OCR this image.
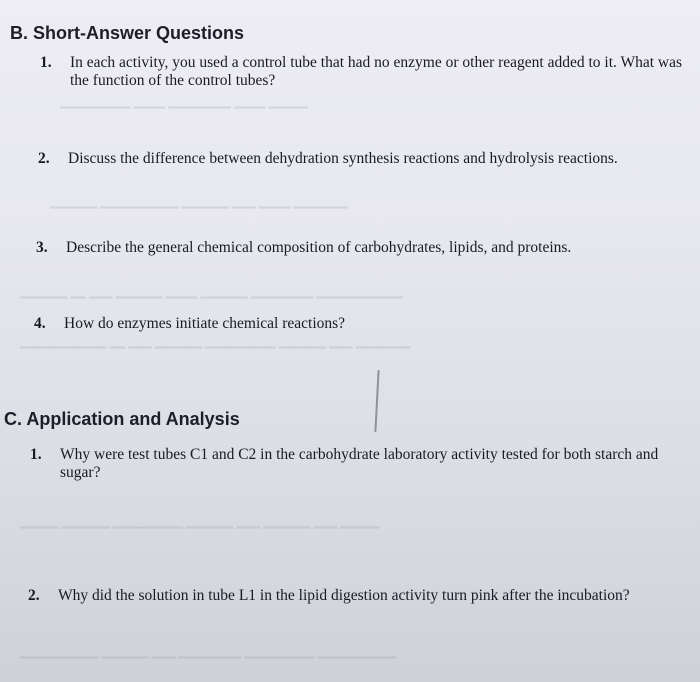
━━━━━━━━━ ━━━━ ━━━━━━━━ ━━━━ ━━━━━
━━━━━━ ━━━━━━━━━━ ━━━━━━ ━━━ ━━━━ ━━━━━━━
━━━━━━ ━━ ━━━ ━━━━━━ ━━━━ ━━━━━━ ━━━━━━━━ ━━━━━━━━━━━
━━━━━━━━━━━ ━━ ━━━ ━━━━━━ ━━━━━━━━━ ━━━━━━ ━━━ ━━━━━━━
━━━━━ ━━━━━━ ━━━━━━━━━ ━━━━━━ ━━━ ━━━━━━ ━━━ ━━━━━
━━━━━━━━━━ ━━━━━━ ━━━ ━━━━━━━━ ━━━━━━━━━ ━━━━━━━━━━
B. Short-Answer Questions
1. In each activity, you used a control tube that had no enzyme or other reagent added to it. What was the function of the control tubes?
2. Discuss the difference between dehydration synthesis reactions and hydrolysis reactions.
3. Describe the general chemical composition of carbohydrates, lipids, and proteins.
4. How do enzymes initiate chemical reactions?
C. Application and Analysis
1. Why were test tubes C1 and C2 in the carbohydrate laboratory activity tested for both starch and sugar?
2. Why did the solution in tube L1 in the lipid digestion activity turn pink after the incubation?
